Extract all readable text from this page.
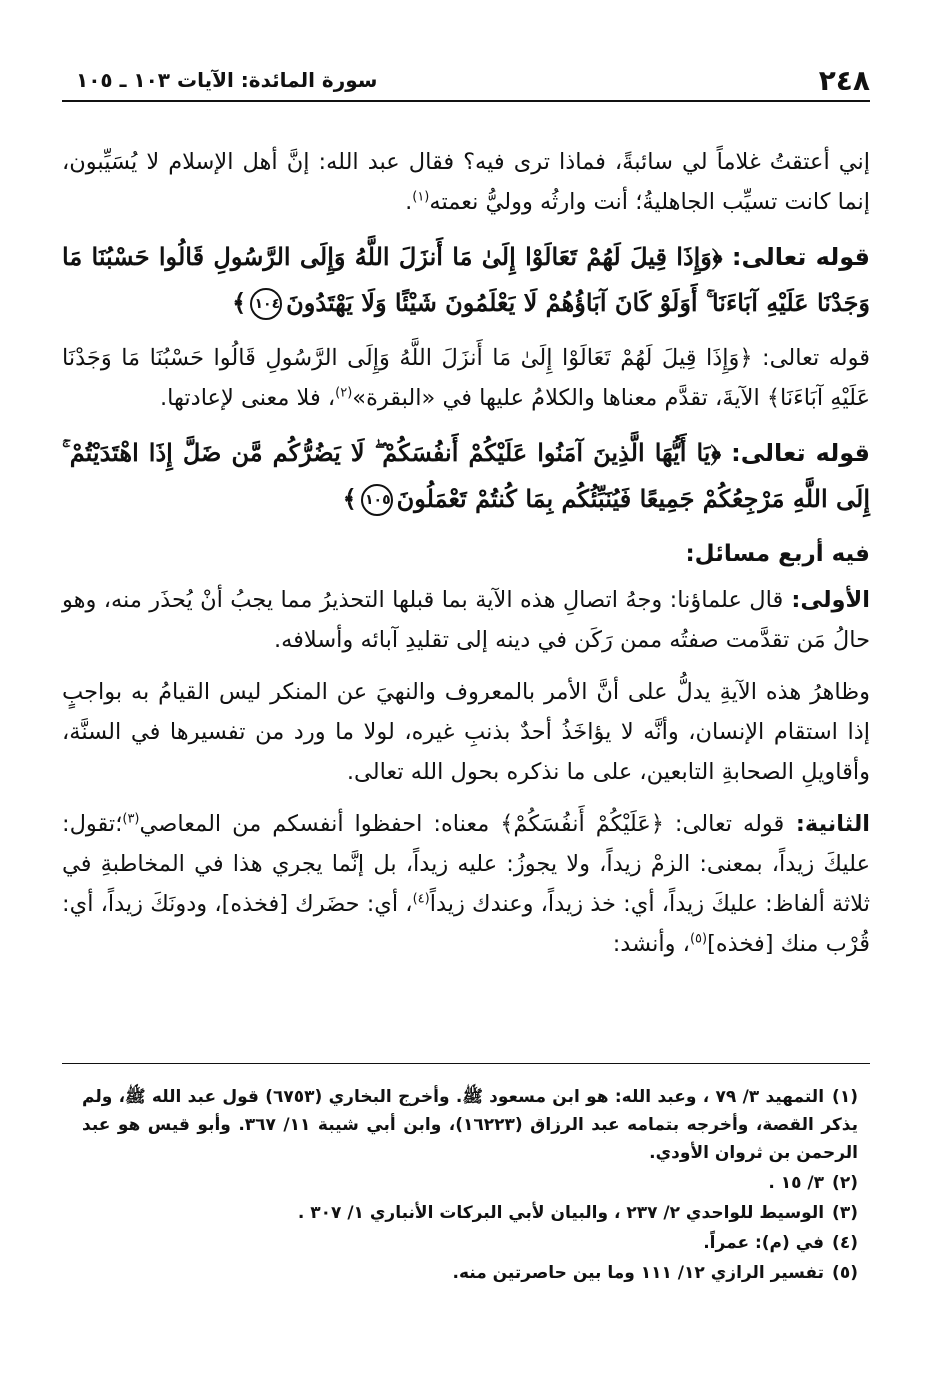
٢٤٨
سورة المائدة: الآيات ١٠٣ ـ ١٠٥

إني أعتقتُ غلاماً لي سائبةً، فماذا ترى فيه؟ فقال عبد الله: إنَّ أهل الإسلام لا يُسَيِّبون، إنما كانت تسيِّب الجاهليةُ؛ أنت وارثُه ووليُّ نعمته$^{(١)}$.

قوله تعالى: ﴿وَإِذَا قِيلَ لَهُمْ تَعَالَوْا إِلَىٰ مَا أَنزَلَ اللَّهُ وَإِلَى الرَّسُولِ قَالُوا حَسْبُنَا مَا وَجَدْنَا عَلَيْهِ آبَاءَنَا ۚ أَوَلَوْ كَانَ آبَاؤُهُمْ لَا يَعْلَمُونَ شَيْئًا وَلَا يَهْتَدُونَ١٠٤﴾

قوله تعالى: ﴿وَإِذَا قِيلَ لَهُمْ تَعَالَوْا إِلَىٰ مَا أَنزَلَ اللَّهُ وَإِلَى الرَّسُولِ قَالُوا حَسْبُنَا مَا وَجَدْنَا عَلَيْهِ آبَاءَنَا﴾ الآيةَ، تقدَّم معناها والكلامُ عليها في «البقرة»$^{(٢)}$، فلا معنى لإعادتها.

قوله تعالى: ﴿يَا أَيُّهَا الَّذِينَ آمَنُوا عَلَيْكُمْ أَنفُسَكُمْ ۖ لَا يَضُرُّكُم مَّن ضَلَّ إِذَا اهْتَدَيْتُمْ ۚ إِلَى اللَّهِ مَرْجِعُكُمْ جَمِيعًا فَيُنَبِّئُكُم بِمَا كُنتُمْ تَعْمَلُونَ١٠٥﴾

فيه أربع مسائل:

الأولى: قال علماؤنا: وجهُ اتصالِ هذه الآية بما قبلها التحذيرُ مما يجبُ أنْ يُحذَر منه، وهو حالُ مَن تقدَّمت صفتُه ممن رَكَن في دينه إلى تقليدِ آبائه وأسلافه.

وظاهرُ هذه الآيةِ يدلُّ على أنَّ الأمر بالمعروف والنهيَ عن المنكر ليس القيامُ به بواجبٍ إذا استقام الإنسان، وأنَّه لا يؤاخَذُ أحدٌ بذنبِ غيره، لولا ما ورد من تفسيرها في السنَّة، وأقاويلِ الصحابةِ التابعين، على ما نذكره بحول الله تعالى.

الثانية: قوله تعالى: ﴿عَلَيْكُمْ أَنفُسَكُمْ﴾ معناه: احفظوا أنفسكم من المعاصي$^{(٣)}$؛تقول: عليكَ زيداً، بمعنى: الزمْ زيداً، ولا يجوزُ: عليه زيداً، بل إنَّما يجري هذا في المخاطبةِ في ثلاثة ألفاظ: عليكَ زيداً، أي: خذ زيداً، وعندك زيداً$^{(٤)}$، أي: حضَرك [فخذه]، ودونَكَ زيداً، أي: قُرْب منك [فخذه]$^{(٥)}$، وأنشد:

(١)التمهيد ٣/ ٧٩ ، وعبد الله: هو ابن مسعود ﷺ. وأخرج البخاري (٦٧٥٣) قول عبد الله ﷺ، ولم يذكر القصة، وأخرجه بتمامه عبد الرزاق (١٦٢٢٣)، وابن أبي شيبة ١١/ ٣٦٧. وأبو قيس هو عبد الرحمن بن ثروان الأودي.

(٢)٣/ ١٥ .

(٣)الوسيط للواحدي ٢/ ٢٣٧ ، والبيان لأبي البركات الأنباري ١/ ٣٠٧ .

(٤)في (م): عمراً.

(٥)تفسير الرازي ١٢/ ١١١ وما بين حاصرتين منه.
